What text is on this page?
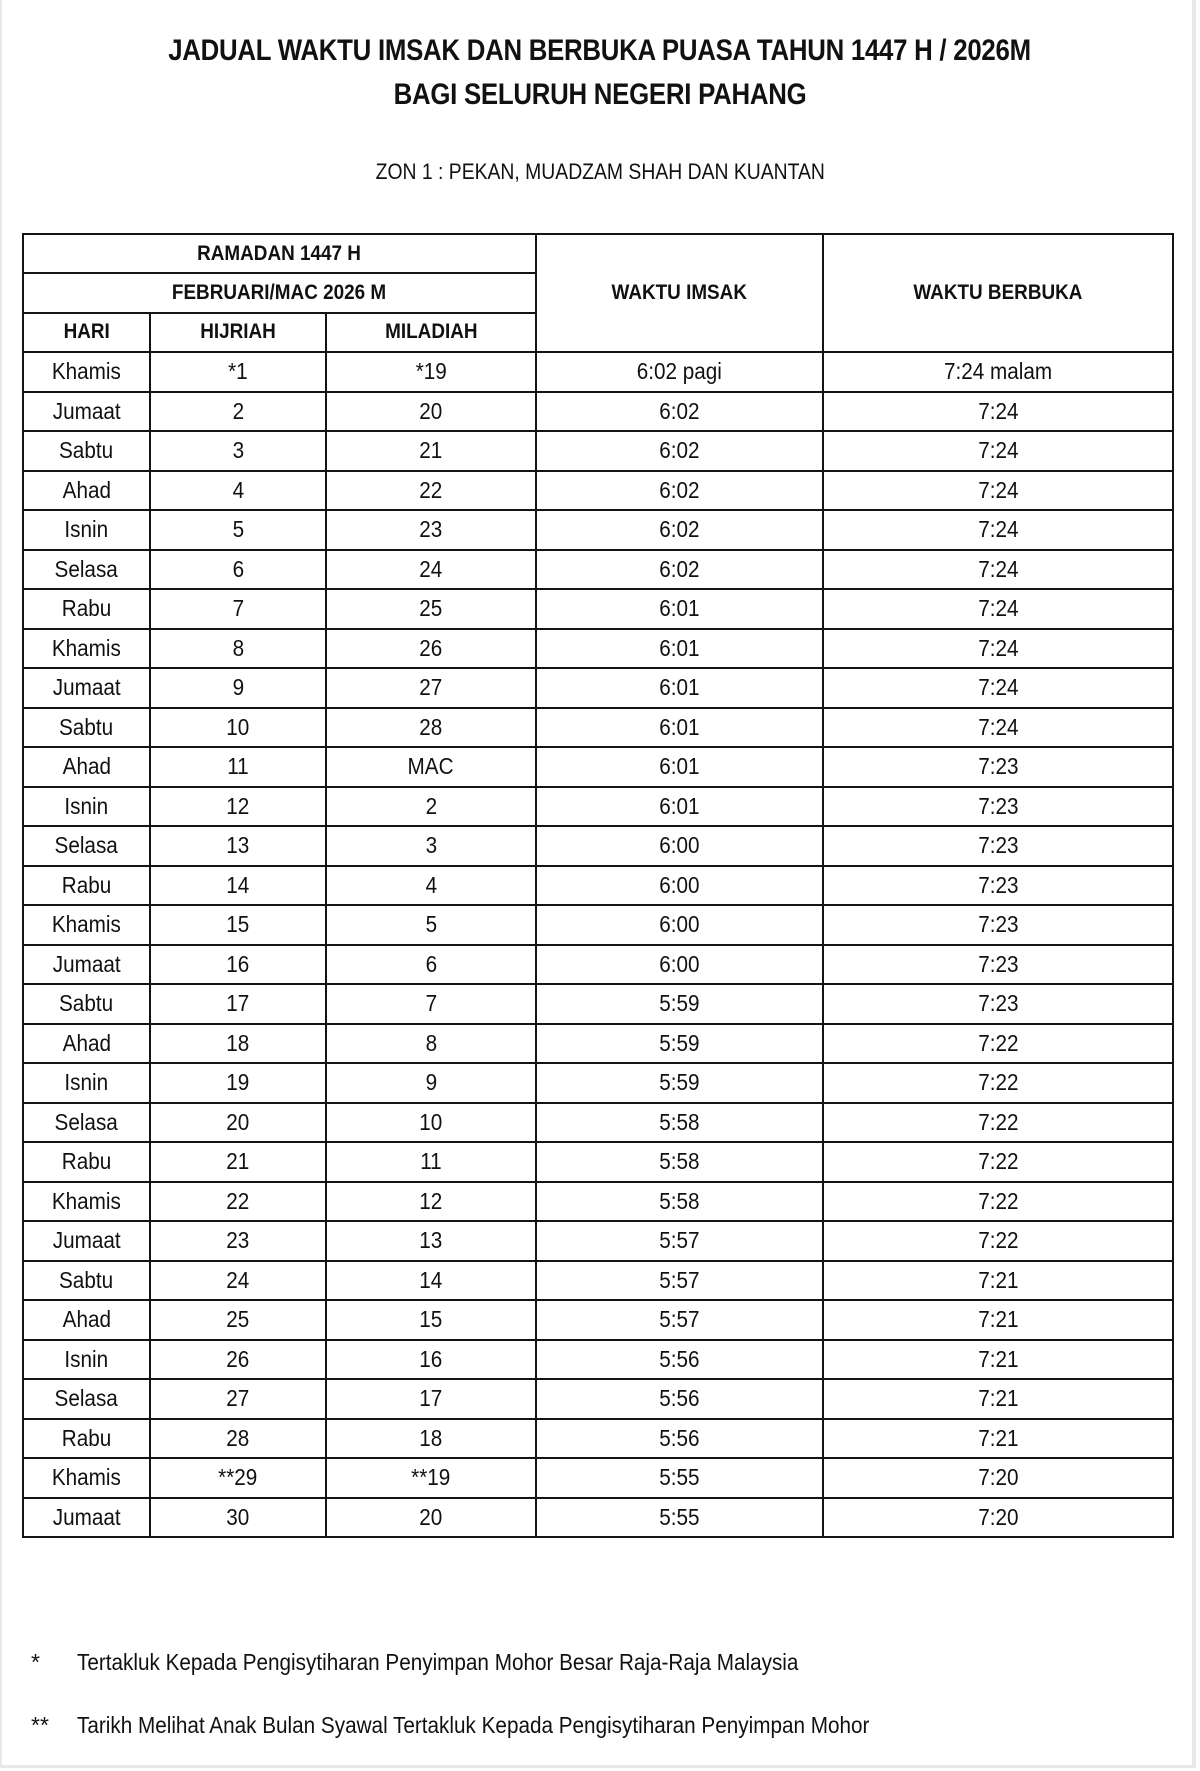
JADUAL WAKTU IMSAK DAN BERBUKA PUASA TAHUN 1447 H / 2026M
BAGI SELURUH NEGERI PAHANG
ZON 1 : PEKAN, MUADZAM SHAH DAN KUANTAN
RAMADAN 1447 H			WAKTU IMSAK	WAKTU BERBUKA
FEBRUARI/MAC 2026 M				
HARI	HIJRIAH	MILADIAH		
Khamis	*1	*19	6:02 pagi	7:24 malam
Jumaat	2	20	6:02	7:24
Sabtu	3	21	6:02	7:24
Ahad	4	22	6:02	7:24
Isnin	5	23	6:02	7:24
Selasa	6	24	6:02	7:24
Rabu	7	25	6:01	7:24
Khamis	8	26	6:01	7:24
Jumaat	9	27	6:01	7:24
Sabtu	10	28	6:01	7:24
Ahad	11	MAC	6:01	7:23
Isnin	12	2	6:01	7:23
Selasa	13	3	6:00	7:23
Rabu	14	4	6:00	7:23
Khamis	15	5	6:00	7:23
Jumaat	16	6	6:00	7:23
Sabtu	17	7	5:59	7:23
Ahad	18	8	5:59	7:22
Isnin	19	9	5:59	7:22
Selasa	20	10	5:58	7:22
Rabu	21	11	5:58	7:22
Khamis	22	12	5:58	7:22
Jumaat	23	13	5:57	7:22
Sabtu	24	14	5:57	7:21
Ahad	25	15	5:57	7:21
Isnin	26	16	5:56	7:21
Selasa	27	17	5:56	7:21
Rabu	28	18	5:56	7:21
Khamis	**29	**19	5:55	7:20
Jumaat	30	20	5:55	7:20
* Tertakluk Kepada Pengisytiharan Penyimpan Mohor Besar Raja-Raja Malaysia
** Tarikh Melihat Anak Bulan Syawal Tertakluk Kepada Pengisytiharan Penyimpan Mohor
